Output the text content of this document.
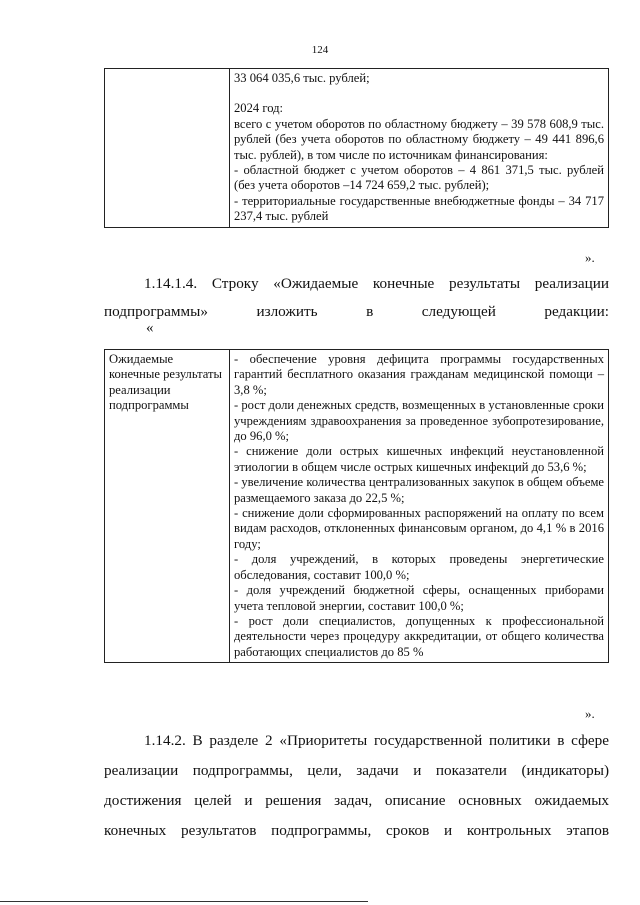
124

33 064 035,6 тыс. рублей;
2024 год:
всего с учетом оборотов по областному бюджету – 39 578 608,9 тыс. рублей (без учета оборотов по областному бюджету – 49 441 896,6 тыс. рублей), в том числе по источникам финансирования:
- областной бюджет с учетом оборотов – 4 861 371,5 тыс. рублей (без учета оборотов –14 724 659,2 тыс. рублей);
- территориальные государственные внебюджетные фонды – 34 717 237,4 тыс. рублей
».
1.14.1.4. Строку «Ожидаемые конечные результаты реализации подпрограммы» изложить в следующей редакции:
«
Ожидаемые конечные результаты реализации подпрограммы	
- обеспечение уровня дефицита программы государственных гарантий бесплатного оказания гражданам медицинской помощи – 3,8 %;
- рост доли денежных средств, возмещенных в установленные сроки учреждениям здравоохранения за проведенное зубопротезирование, до 96,0 %;
- снижение доли острых кишечных инфекций неустановленной этиологии в общем числе острых кишечных инфекций до 53,6 %;
- увеличение количества централизованных закупок в общем объеме размещаемого заказа до 22,5 %;
- снижение доли сформированных распоряжений на оплату по всем видам расходов, отклоненных финансовым органом, до 4,1 % в 2016 году;
- доля учреждений, в которых проведены энергетические обследования, составит 100,0 %;
- доля учреждений бюджетной сферы, оснащенных приборами учета тепловой энергии, составит 100,0 %;
- рост доли специалистов, допущенных к профессиональной деятельности через процедуру аккредитации, от общего количества работающих специалистов до 85 %
».
1.14.2. В разделе 2 «Приоритеты государственной политики в сфере реализации подпрограммы, цели, задачи и показатели (индикаторы) достижения целей и решения задач, описание основных ожидаемых конечных результатов подпрограммы, сроков и контрольных этапов
